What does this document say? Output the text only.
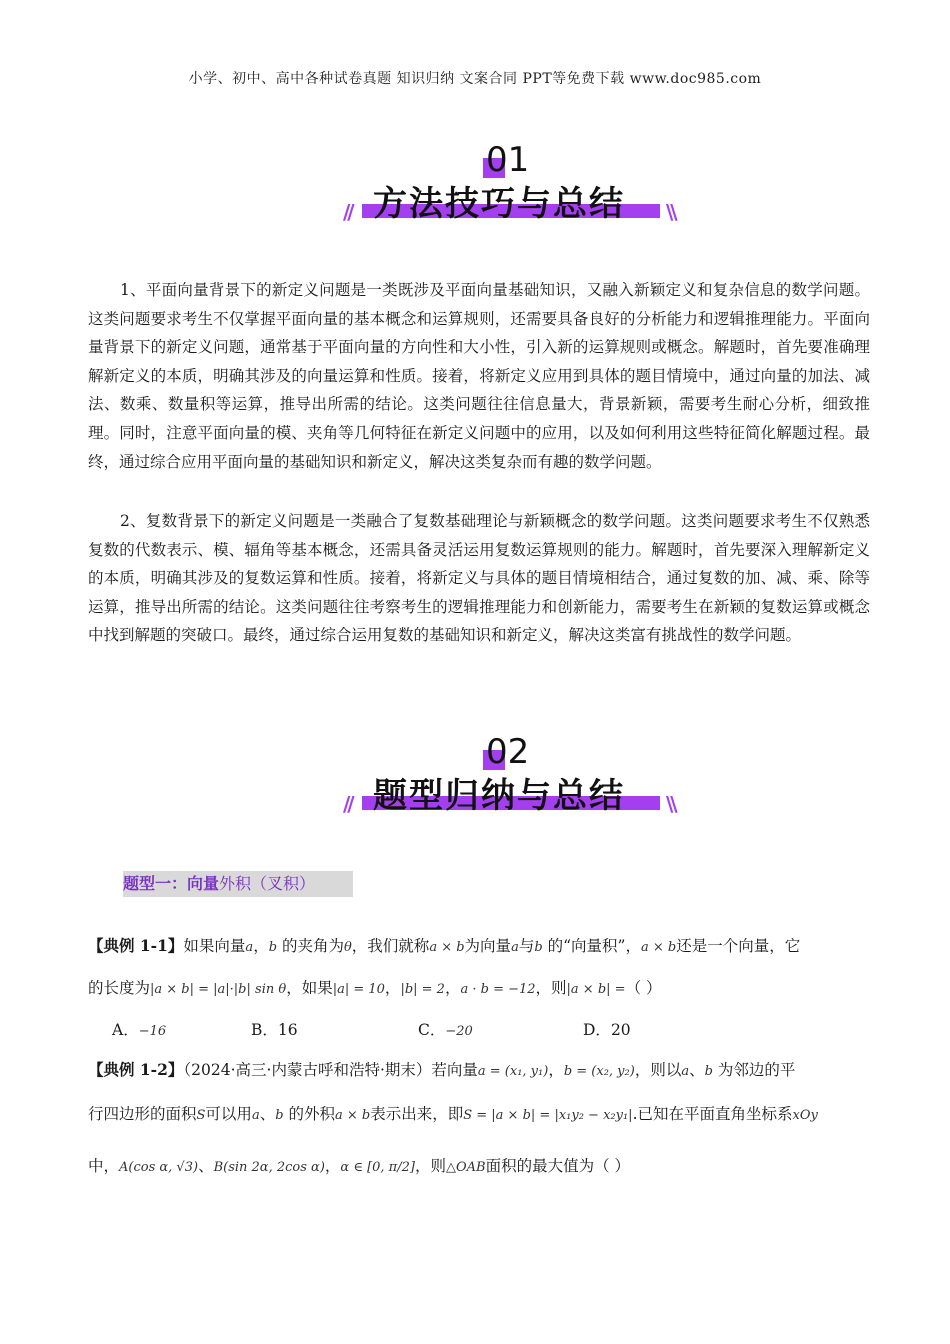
小学、初中、高中各种试卷真题 知识归纳 文案合同 PPT等免费下载 www.doc985.com
01
方法技巧与总结
//	\\

1、平面向量背景下的新定义问题是一类既涉及平面向量基础知识，又融入新颖定义和复杂信息的数学问题。这类问题要求考生不仅掌握平面向量的基本概念和运算规则，还需要具备良好的分析能力和逻辑推理能力。平面向量背景下的新定义问题，通常基于平面向量的方向性和大小性，引入新的运算规则或概念。解题时，首先要准确理解新定义的本质，明确其涉及的向量运算和性质。接着，将新定义应用到具体的题目情境中，通过向量的加法、减法、数乘、数量积等运算，推导出所需的结论。这类问题往往信息量大，背景新颖，需要考生耐心分析，细致推理。同时，注意平面向量的模、夹角等几何特征在新定义问题中的应用，以及如何利用这些特征简化解题过程。最终，通过综合应用平面向量的基础知识和新定义，解决这类复杂而有趣的数学问题。

2、复数背景下的新定义问题是一类融合了复数基础理论与新颖概念的数学问题。这类问题要求考生不仅熟悉复数的代数表示、模、辐角等基本概念，还需具备灵活运用复数运算规则的能力。解题时，首先要深入理解新定义的本质，明确其涉及的复数运算和性质。接着，将新定义与具体的题目情境相结合，通过复数的加、减、乘、除等运算，推导出所需的结论。这类问题往往考察考生的逻辑推理能力和创新能力，需要考生在新颖的复数运算或概念中找到解题的突破口。最终，通过综合运用复数的基础知识和新定义，解决这类富有挑战性的数学问题。

02
题型归纳与总结
//	\\
题型一：向量外积（叉积）
【典例 1-1】如果向量a，b 的夹角为θ，我们就称a × b为向量a与b 的“向量积”，a × b还是一个向量，它
的长度为|a × b| = |a|·|b| sin θ，如果|a| = 10，|b| = 2，a · b = −12，则|a × b| =（ ）
A．−16	B．16	C．−20	D．20
【典例 1-2】（2024·高三·内蒙古呼和浩特·期末）若向量a = (x₁, y₁)，b = (x₂, y₂)，则以a、b 为邻边的平
行四边形的面积S可以用a、b 的外积a × b表示出来，即S = |a × b| = |x₁y₂ − x₂y₁|.已知在平面直角坐标系xOy
中，A(cos α, √3)、B(sin 2α, 2cos α)，α ∈ [0, π/2]，则△OAB面积的最大值为（ ）
